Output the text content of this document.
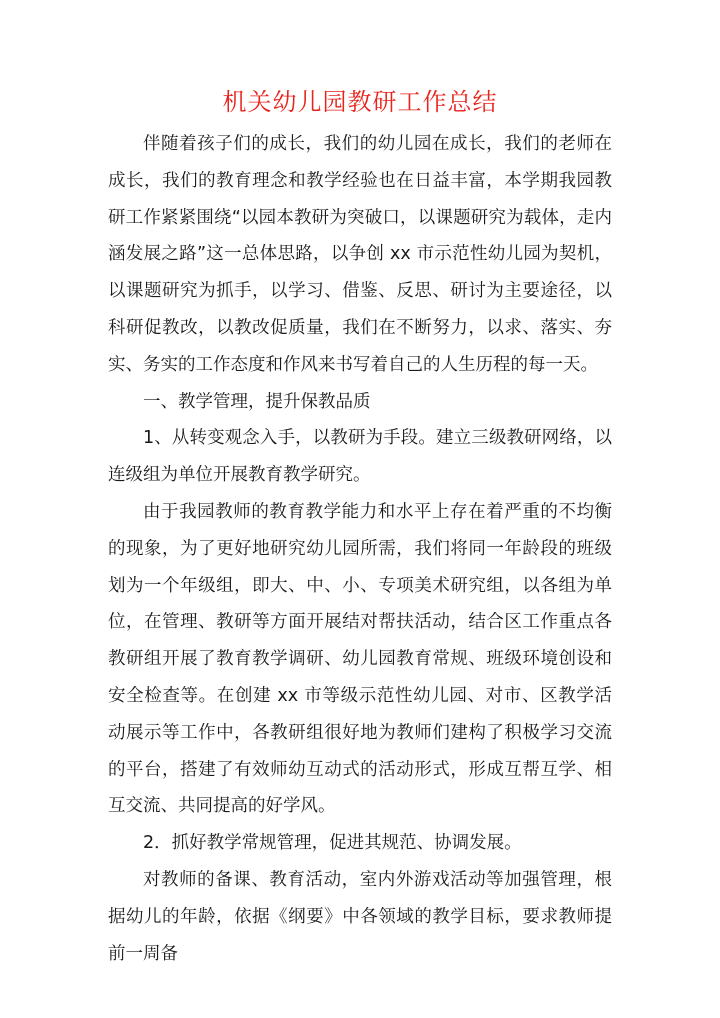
机关幼儿园教研工作总结

伴随着孩子们的成长，我们的幼儿园在成长，我们的老师在成长，我们的教育理念和教学经验也在日益丰富，本学期我园教研工作紧紧围绕“以园本教研为突破口，以课题研究为载体，走内涵发展之路”这一总体思路，以争创 xx 市示范性幼儿园为契机，以课题研究为抓手，以学习、借鉴、反思、研讨为主要途径，以科研促教改，以教改促质量，我们在不断努力，以求、落实、夯实、务实的工作态度和作风来书写着自己的人生历程的每一天。

一、教学管理，提升保教品质

1、从转变观念入手，以教研为手段。建立三级教研网络，以连级组为单位开展教育教学研究。

由于我园教师的教育教学能力和水平上存在着严重的不均衡的现象，为了更好地研究幼儿园所需，我们将同一年龄段的班级划为一个年级组，即大、中、小、专项美术研究组，以各组为单位，在管理、教研等方面开展结对帮扶活动，结合区工作重点各教研组开展了教育教学调研、幼儿园教育常规、班级环境创设和安全检查等。在创建 xx 市等级示范性幼儿园、对市、区教学活动展示等工作中，各教研组很好地为教师们建构了积极学习交流的平台，搭建了有效师幼互动式的活动形式，形成互帮互学、相互交流、共同提高的好学风。

2．抓好教学常规管理，促进其规范、协调发展。

对教师的备课、教育活动，室内外游戏活动等加强管理，根据幼儿的年龄，依据《纲要》中各领域的教学目标，要求教师提前一周备
